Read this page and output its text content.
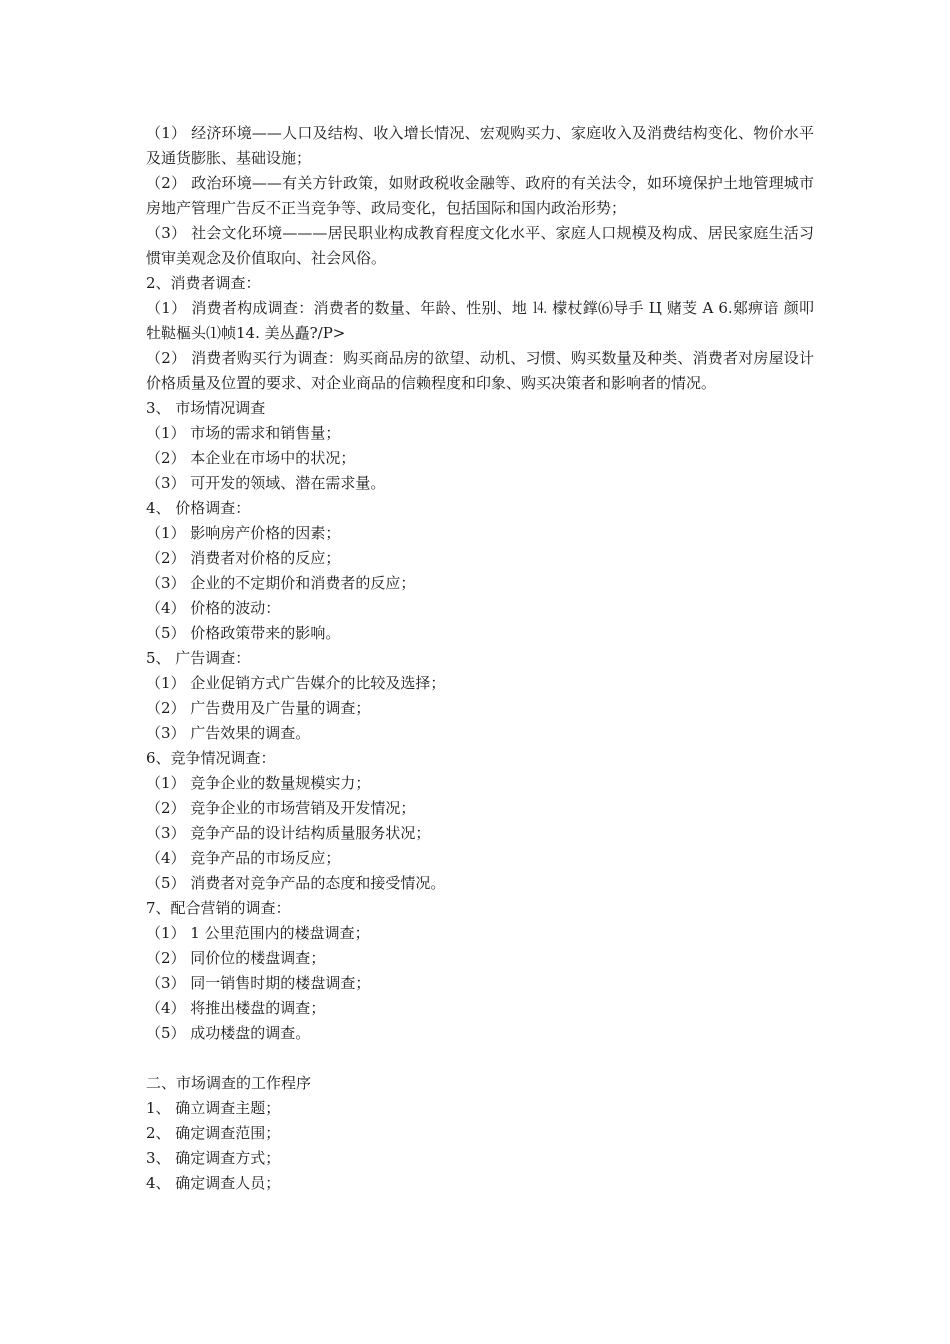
（1） 经济环境——人口及结构、收入增长情况、宏观购买力、家庭收入及消费结构变化、物价水平及通货膨胀、基础设施；
（2） 政治环境——有关方针政策，如财政税收金融等、政府的有关法令，如环境保护土地管理城市房地产管理广告反不正当竞争等、政局变化，包括国际和国内政治形势；
（3） 社会文化环境———居民职业构成教育程度文化水平、家庭人口规模及构成、居民家庭生活习惯审美观念及价值取向、社会风俗。
2、消费者调查：
（1） 消费者构成调查：消费者的数量、年龄、性别、地 ⒕ 檬杖鐣⑹导手 Ц 赌芰 Α 6.鄓痹谙 颜叩牡鞑樞头⑴帧14. 美丛矗?/P>
（2） 消费者购买行为调查：购买商品房的欲望、动机、习惯、购买数量及种类、消费者对房屋设计价格质量及位置的要求、对企业商品的信赖程度和印象、购买决策者和影响者的情况。
3、 市场情况调查
（1） 市场的需求和销售量；
（2） 本企业在市场中的状况；
（3） 可开发的领域、潜在需求量。
4、 价格调查：
（1） 影响房产价格的因素；
（2） 消费者对价格的反应；
（3） 企业的不定期价和消费者的反应；
（4） 价格的波动：
（5） 价格政策带来的影响。
5、 广告调查：
（1） 企业促销方式广告媒介的比较及选择；
（2） 广告费用及广告量的调查；
（3） 广告效果的调查。
6、竞争情况调查：
（1） 竞争企业的数量规模实力；
（2） 竞争企业的市场营销及开发情况；
（3） 竞争产品的设计结构质量服务状况；
（4） 竞争产品的市场反应；
（5） 消费者对竞争产品的态度和接受情况。
7、配合营销的调查：
（1） 1 公里范围内的楼盘调查；
（2） 同价位的楼盘调查；
（3） 同一销售时期的楼盘调查；
（4） 将推出楼盘的调查；
（5） 成功楼盘的调查。
二、市场调查的工作程序
1、 确立调查主题；
2、 确定调查范围；
3、 确定调查方式；
4、 确定调查人员；
